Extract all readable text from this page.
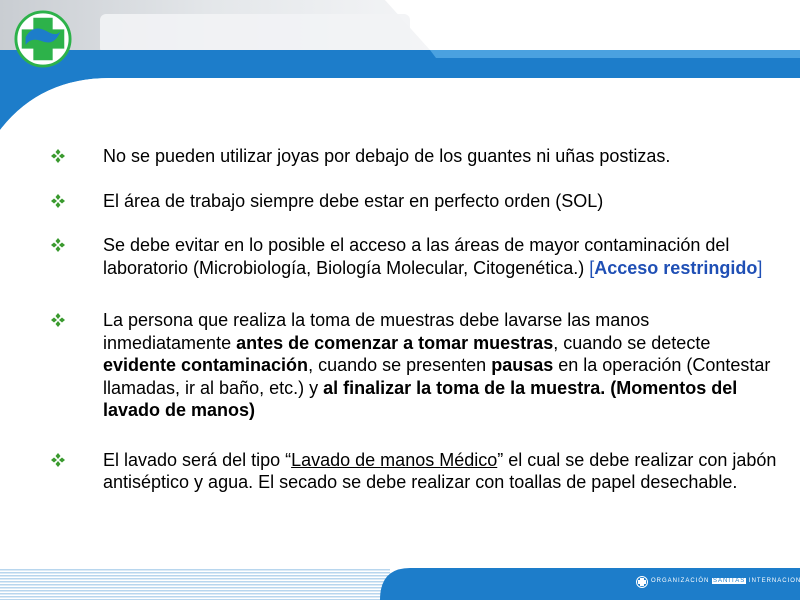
No se pueden utilizar joyas por debajo de los guantes ni uñas postizas.
El área de trabajo siempre debe estar en perfecto orden (SOL)
Se debe evitar en lo posible el acceso a las áreas de mayor contaminación del laboratorio (Microbiología, Biología Molecular, Citogenética.) [Acceso restringido]
La persona que realiza la toma de muestras debe lavarse las manos inmediatamente antes de comenzar a tomar muestras, cuando se detecte evidente contaminación, cuando se presenten pausas en la operación (Contestar llamadas, ir al baño, etc.) y al finalizar la toma de la muestra. (Momentos del lavado de manos)
El lavado será del tipo “Lavado de manos Médico” el cual se debe realizar con jabón antiséptico y agua. El secado se debe realizar con toallas de papel desechable.
ORGANIZACIÓN SANITAS INTERNACIONAL
